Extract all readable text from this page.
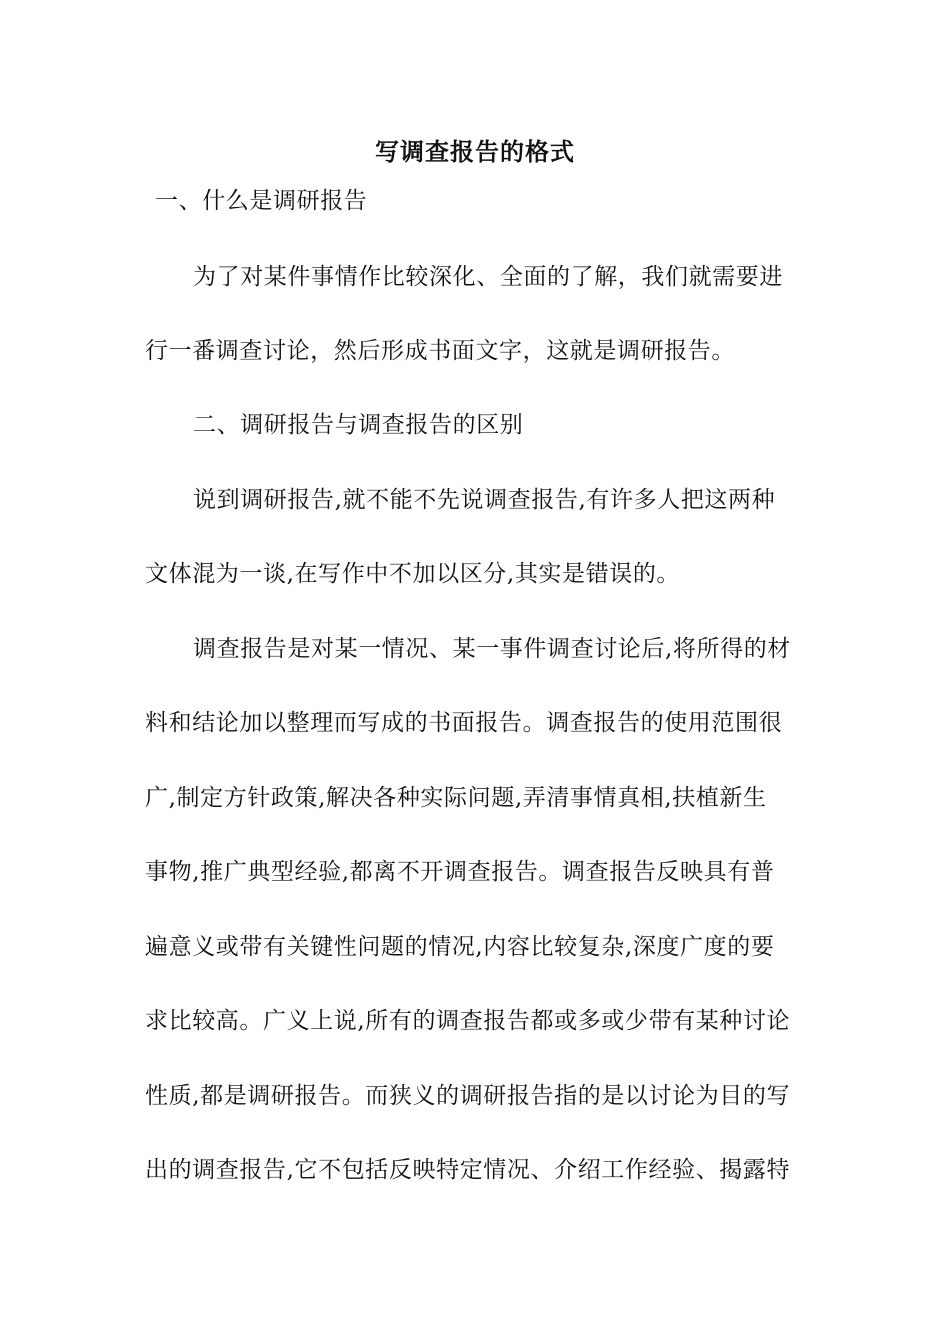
写调查报告的格式
一、什么是调研报告
为了对某件事情作比较深化、全面的了解，我们就需要进
行一番调查讨论，然后形成书面文字，这就是调研报告。
二、调研报告与调查报告的区别
说到调研报告,就不能不先说调查报告,有许多人把这两种
文体混为一谈,在写作中不加以区分,其实是错误的。
调查报告是对某一情况、某一事件调查讨论后,将所得的材
料和结论加以整理而写成的书面报告。调查报告的使用范围很
广,制定方针政策,解决各种实际问题,弄清事情真相,扶植新生
事物,推广典型经验,都离不开调查报告。调查报告反映具有普
遍意义或带有关键性问题的情况,内容比较复杂,深度广度的要
求比较高。广义上说,所有的调查报告都或多或少带有某种讨论
性质,都是调研报告。而狭义的调研报告指的是以讨论为目的写
出的调查报告,它不包括反映特定情况、介绍工作经验、揭露特
